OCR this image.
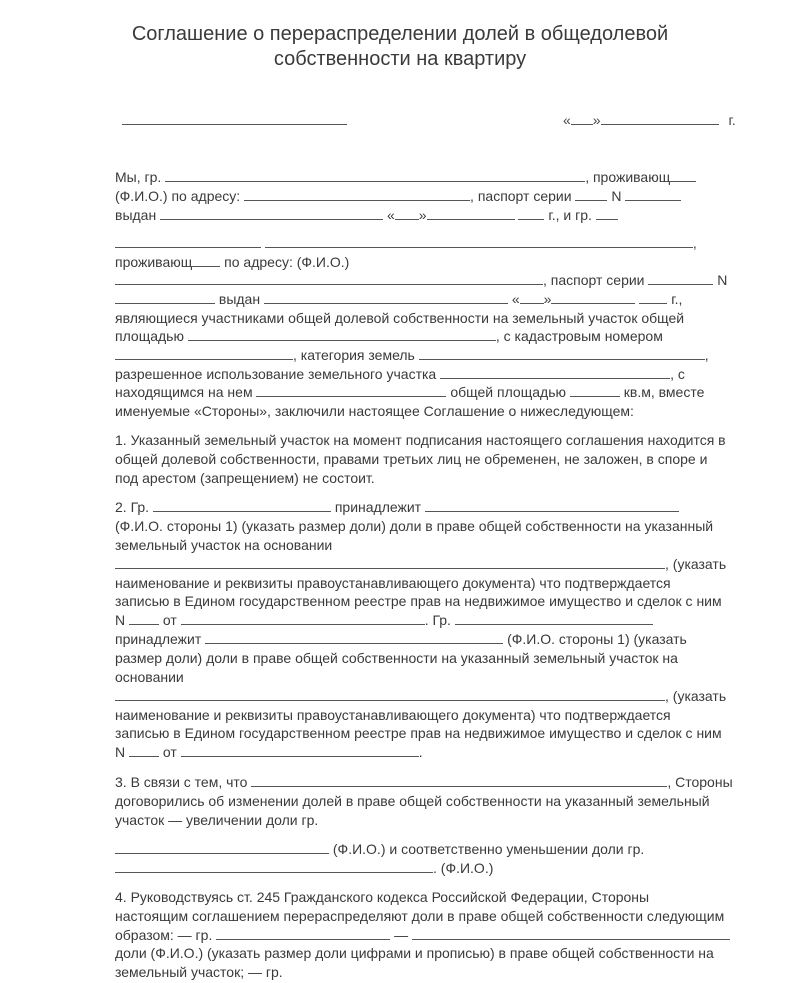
Соглашение о перераспределении долей в общедолевой
собственности на квартиру
« »	г.
Мы, гр.	, проживающ
(Ф.И.О.) по адресу:	, паспорт серии	N
выдан	« »	г., и гр.
,
проживающ по адресу: (Ф.И.О.)
, паспорт серии	N
выдан	« »	г.,
являющиеся участниками общей долевой собственности на земельный участок общей
площадью	, с кадастровым номером
, категория земель	,
разрешенное использование земельного участка	, с
находящимся на нем	общей площадью	кв.м, вместе
именуемые «Стороны», заключили настоящее Соглашение о нижеследующем:
1. Указанный земельный участок на момент подписания настоящего соглашения находится в
общей долевой собственности, правами третьих лиц не обременен, не заложен, в споре и
под арестом (запрещением) не состоит.
2. Гр.	принадлежит
(Ф.И.О. стороны 1) (указать размер доли) доли в праве общей собственности на указанный
земельный участок на основании
, (указать
наименование и реквизиты правоустанавливающего документа) что подтверждается
записью в Едином государственном реестре прав на недвижимое имущество и сделок с ним
N	от	. Гр.
принадлежит	(Ф.И.О. стороны 1) (указать
размер доли) доли в праве общей собственности на указанный земельный участок на
основании
, (указать
наименование и реквизиты правоустанавливающего документа) что подтверждается
записью в Едином государственном реестре прав на недвижимое имущество и сделок с ним
N	от	.
3. В связи с тем, что	, Стороны
договорились об изменении долей в праве общей собственности на указанный земельный
участок — увеличении доли гр.
(Ф.И.О.) и соответственно уменьшении доли гр.
. (Ф.И.О.)
4. Руководствуясь ст. 245 Гражданского кодекса Российской Федерации, Стороны
настоящим соглашением перераспределяют доли в праве общей собственности следующим
образом: — гр.	—
доли (Ф.И.О.) (указать размер доли цифрами и прописью) в праве общей собственности на
земельный участок; — гр.
